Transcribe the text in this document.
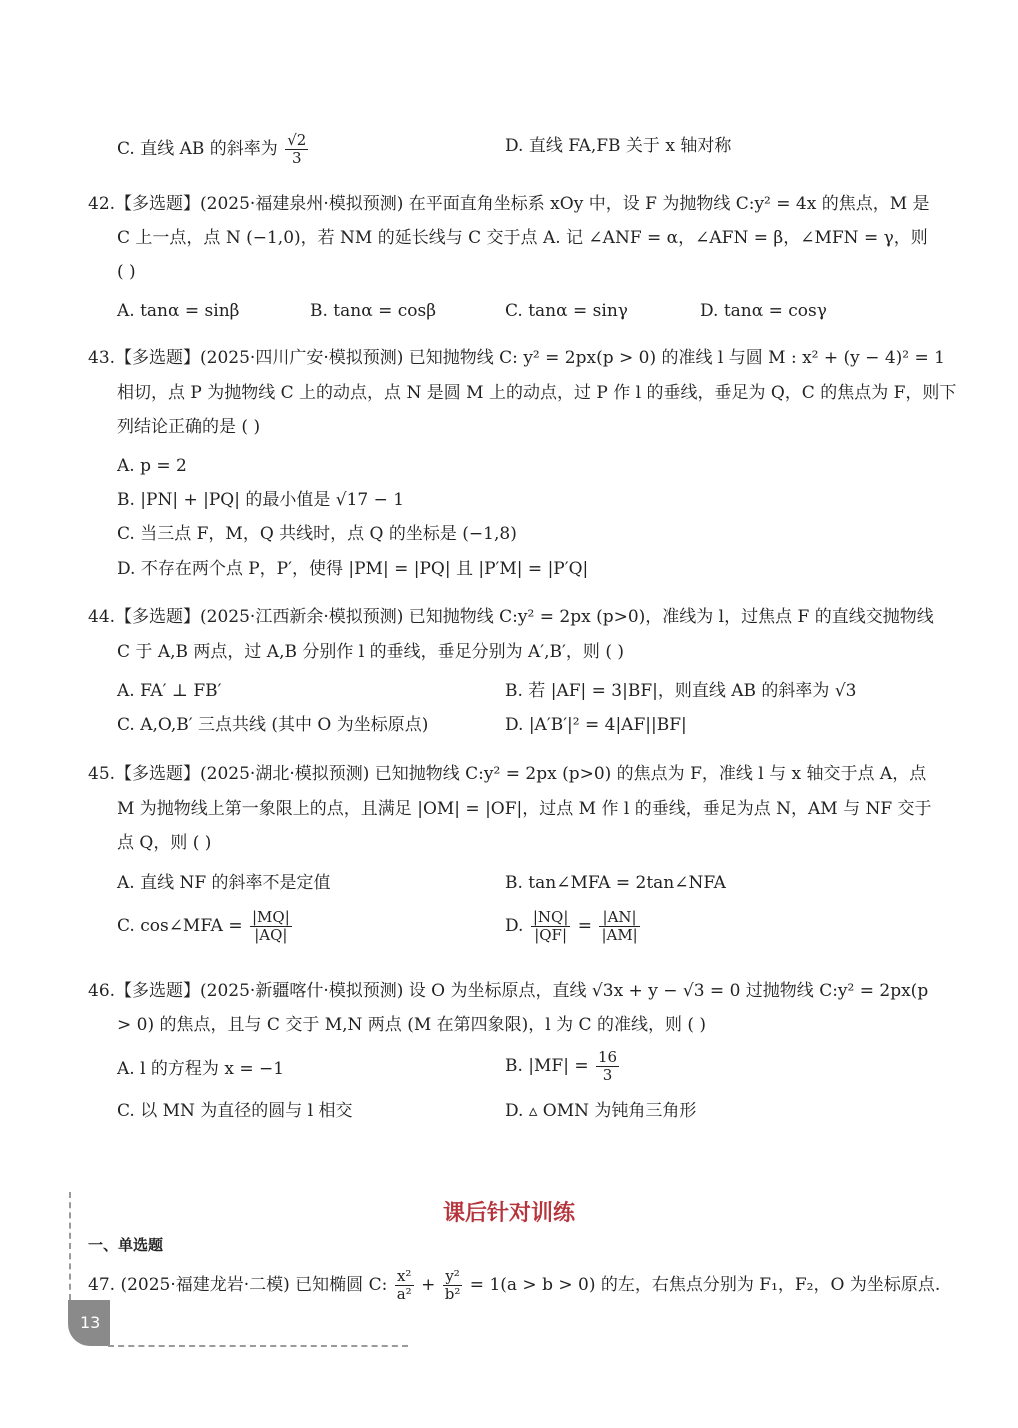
C. 直线 AB 的斜率为 $\frac{√2}{3}$	D. 直线 FA,FB 关于 x 轴对称
42.【多选题】(2025·福建泉州·模拟预测) 在平面直角坐标系 xOy 中，设 F 为抛物线 C:y² = 4x 的焦点，M 是
C 上一点，点 N (−1,0)，若 NM 的延长线与 C 交于点 A. 记 ∠ANF = α，∠AFN = β，∠MFN = γ，则
( )
A. tanα = sinβ	B. tanα = cosβ	C. tanα = sinγ	D. tanα = cosγ
43.【多选题】(2025·四川广安·模拟预测) 已知抛物线 C: y² = 2px(p > 0) 的准线 l 与圆 M : x² + (y − 4)² = 1
相切，点 P 为抛物线 C 上的动点，点 N 是圆 M 上的动点，过 P 作 l 的垂线，垂足为 Q，C 的焦点为 F，则下
列结论正确的是 ( )
A. p = 2
B. |PN| + |PQ| 的最小值是 √17 − 1
C. 当三点 F，M，Q 共线时，点 Q 的坐标是 (−1,8)
D. 不存在两个点 P，P′，使得 |PM| = |PQ| 且 |P′M| = |P′Q|
44.【多选题】(2025·江西新余·模拟预测) 已知抛物线 C:y² = 2px (p>0)，准线为 l，过焦点 F 的直线交抛物线
C 于 A,B 两点，过 A,B 分别作 l 的垂线，垂足分别为 A′,B′，则 ( )
A. FA′ ⊥ FB′	B. 若 |AF| = 3|BF|，则直线 AB 的斜率为 √3
C. A,O,B′ 三点共线 (其中 O 为坐标原点)	D. |A′B′|² = 4|AF||BF|
45.【多选题】(2025·湖北·模拟预测) 已知抛物线 C:y² = 2px (p>0) 的焦点为 F，准线 l 与 x 轴交于点 A，点
M 为抛物线上第一象限上的点，且满足 |OM| = |OF|，过点 M 作 l 的垂线，垂足为点 N，AM 与 NF 交于
点 Q，则 ( )
A. 直线 NF 的斜率不是定值	B. tan∠MFA = 2tan∠NFA
C. cos∠MFA = $\frac{|MQ|}{|AQ|}$	D. $\frac{|NQ|}{|QF|} = \frac{|AN|}{|AM|}$
46.【多选题】(2025·新疆喀什·模拟预测) 设 O 为坐标原点，直线 √3x + y − √3 = 0 过抛物线 C:y² = 2px(p
> 0) 的焦点，且与 C 交于 M,N 两点 (M 在第四象限)，l 为 C 的准线，则 ( )
A. l 的方程为 x = −1	B. $|MF| = \frac{16}{3}$
C. 以 MN 为直径的圆与 l 相交	D. ▵ OMN 为钝角三角形
课后针对训练
一、单选题
47. (2025·福建龙岩·二模) 已知椭圆 C: $\frac{\text{x²}}{\text{a²}} + \frac{\text{y²}}{\text{b²}} = 1(a > b > 0)$ 的左，右焦点分别为 F₁，F₂，O 为坐标原点.
13
